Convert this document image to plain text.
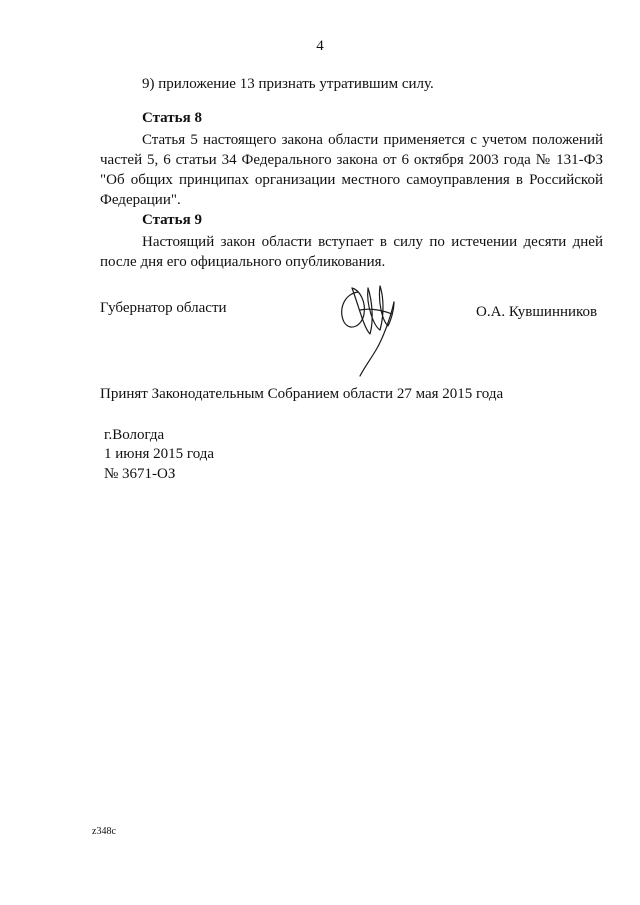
4
9) приложение 13 признать утратившим силу.
Статья 8
Статья 5 настоящего закона области применяется с учетом положений
частей 5, 6 статьи 34 Федерального закона от 6 октября 2003 года № 131-ФЗ
"Об общих принципах организации местного самоуправления в Российской
Федерации".
Статья 9
Настоящий закон области вступает в силу по истечении десяти дней
после дня его официального опубликования.
Губернатор области	О.А. Кувшинников
Принят Законодательным Собранием области 27 мая 2015 года
г.Вологда
1 июня 2015 года
№ 3671-ОЗ
z348c
